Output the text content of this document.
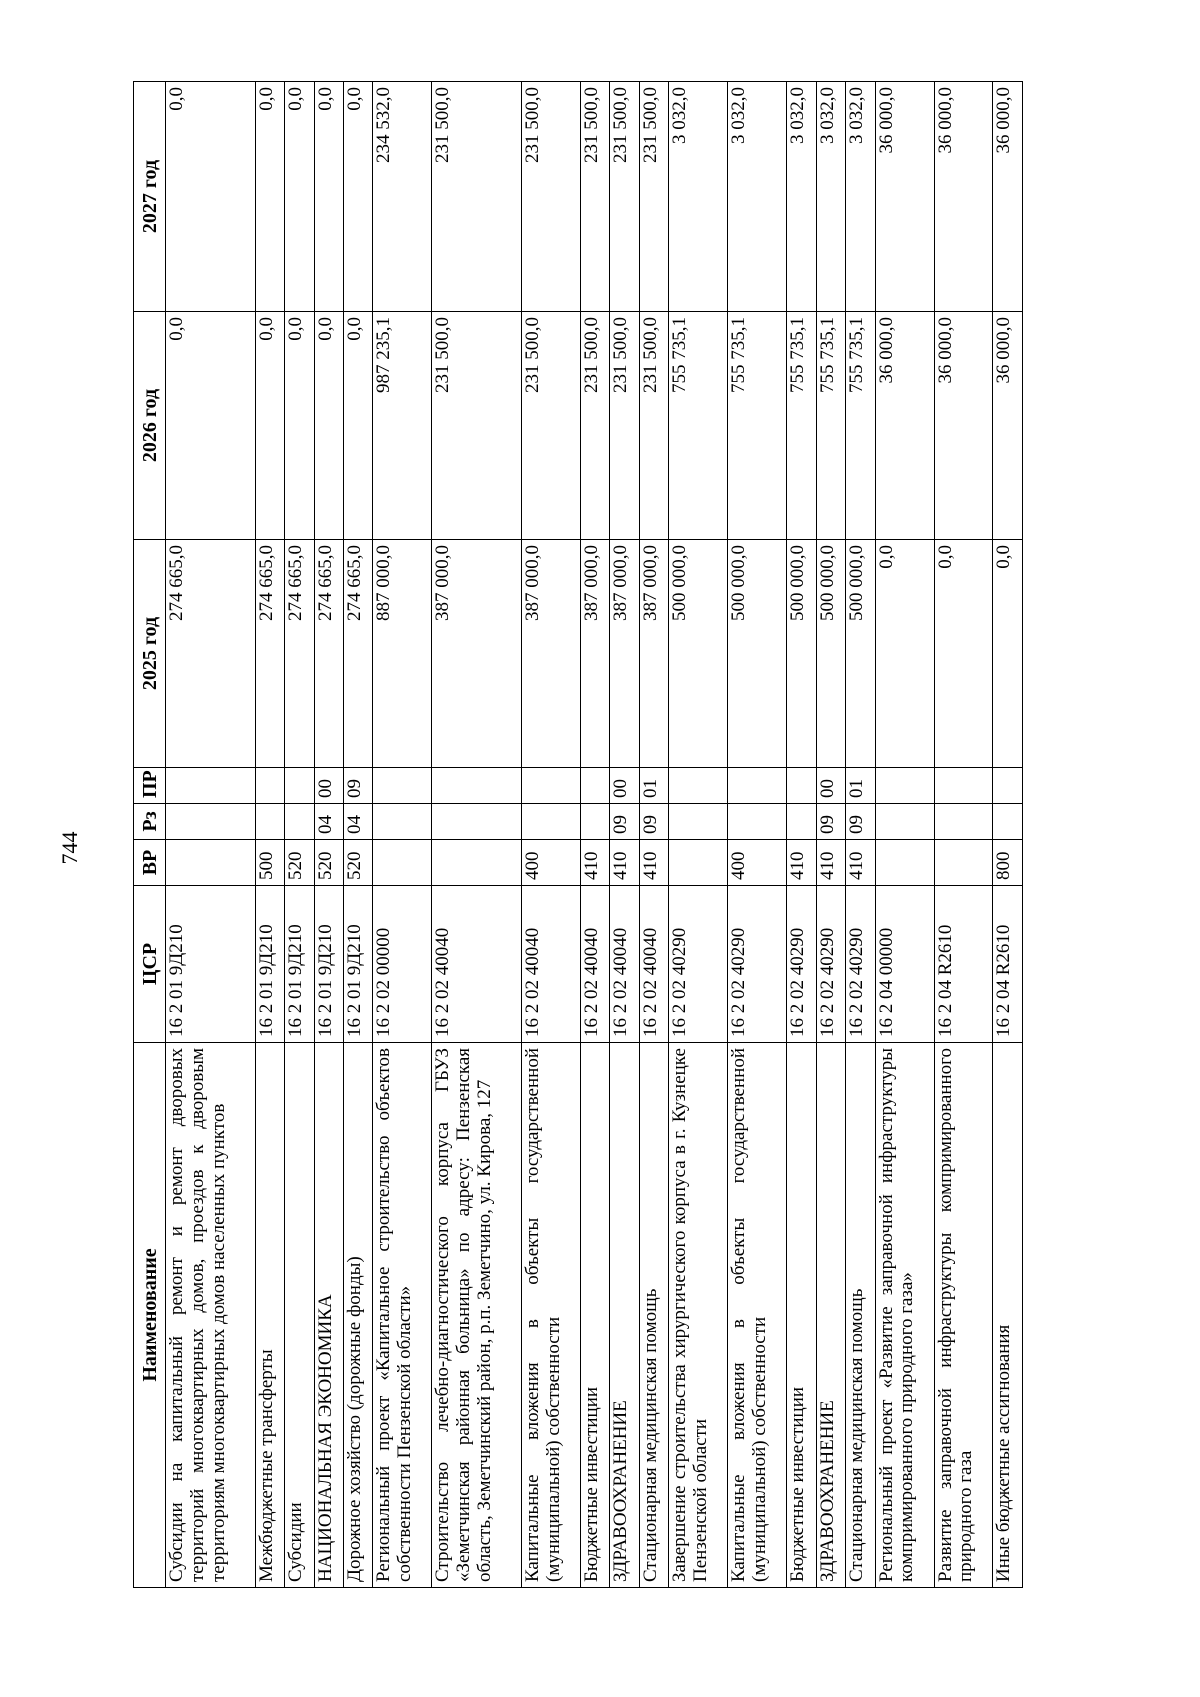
744
Наименование	ЦСР	ВР	Рз	ПР	2025 год	2026 год	2027 год
Субсидии на капитальный ремонт и ремонт дворовых территорий многоквартирных домов, проездов к дворовым территориям многоквартирных домов населенных пунктов	16 2 01 9Д210				274 665,0	0,0	0,0
Межбюджетные трансферты	16 2 01 9Д210	500			274 665,0	0,0	0,0
Субсидии	16 2 01 9Д210	520			274 665,0	0,0	0,0
НАЦИОНАЛЬНАЯ ЭКОНОМИКА	16 2 01 9Д210	520	04	00	274 665,0	0,0	0,0
Дорожное хозяйство (дорожные фонды)	16 2 01 9Д210	520	04	09	274 665,0	0,0	0,0
Региональный проект «Капитальное строительство объектов собственности Пензенской области»	16 2 02 00000				887 000,0	987 235,1	234 532,0
Строительство лечебно-диагностического корпуса ГБУЗ «Земетчинская районная больница» по адресу: Пензенская область, Земетчинский район, р.п. Земетчино, ул. Кирова, 127	16 2 02 40040				387 000,0	231 500,0	231 500,0
Капитальные вложения в объекты государственной (муниципальной) собственности	16 2 02 40040	400			387 000,0	231 500,0	231 500,0
Бюджетные инвестиции	16 2 02 40040	410			387 000,0	231 500,0	231 500,0
ЗДРАВООХРАНЕНИЕ	16 2 02 40040	410	09	00	387 000,0	231 500,0	231 500,0
Стационарная медицинская помощь	16 2 02 40040	410	09	01	387 000,0	231 500,0	231 500,0
Завершение строительства хирургического корпуса в г. Кузнецке Пензенской области	16 2 02 40290				500 000,0	755 735,1	3 032,0
Капитальные вложения в объекты государственной (муниципальной) собственности	16 2 02 40290	400			500 000,0	755 735,1	3 032,0
Бюджетные инвестиции	16 2 02 40290	410			500 000,0	755 735,1	3 032,0
ЗДРАВООХРАНЕНИЕ	16 2 02 40290	410	09	00	500 000,0	755 735,1	3 032,0
Стационарная медицинская помощь	16 2 02 40290	410	09	01	500 000,0	755 735,1	3 032,0
Региональный проект «Развитие заправочной инфраструктуры компримированного природного газа»	16 2 04 00000				0,0	36 000,0	36 000,0
Развитие заправочной инфраструктуры компримированного природного газа	16 2 04 R2610				0,0	36 000,0	36 000,0
Иные бюджетные ассигнования	16 2 04 R2610	800			0,0	36 000,0	36 000,0
